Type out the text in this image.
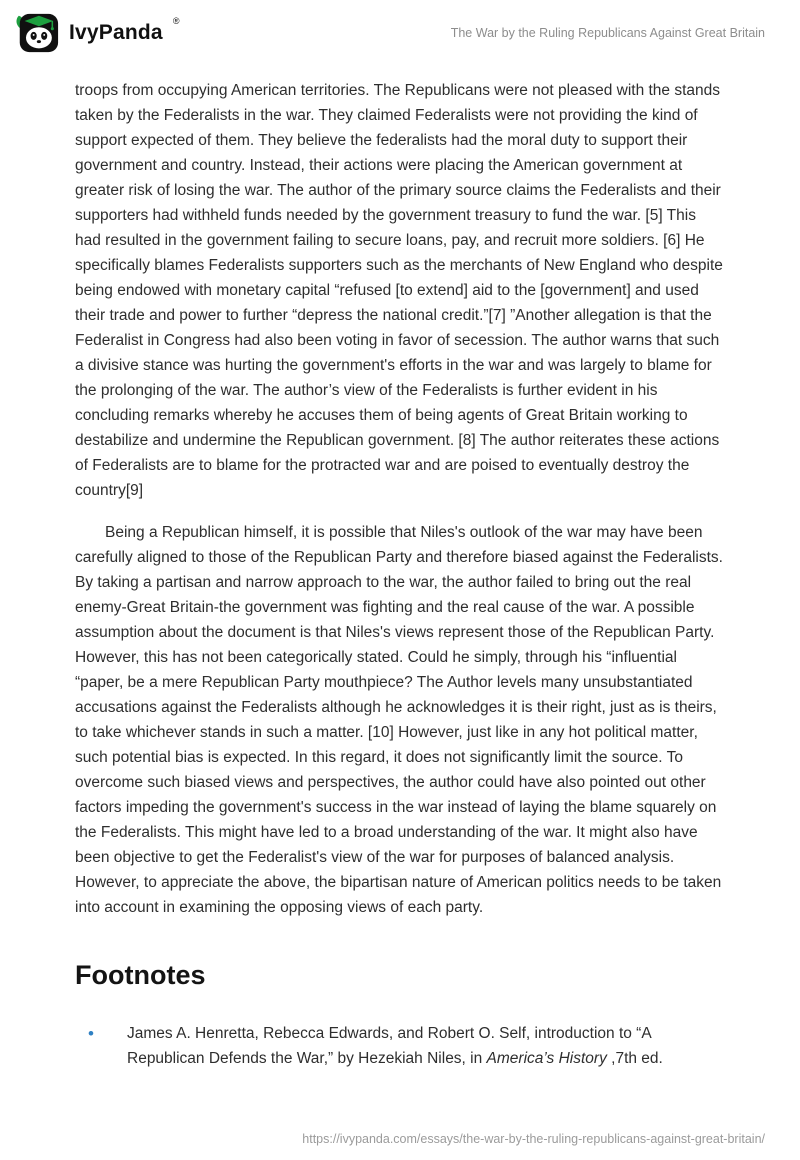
IvyPanda ®
The War by the Ruling Republicans Against Great Britain

troops from occupying American territories. The Republicans were not pleased with the stands taken by the Federalists in the war. They claimed Federalists were not providing the kind of support expected of them. They believe the federalists had the moral duty to support their government and country. Instead, their actions were placing the American government at greater risk of losing the war. The author of the primary source claims the Federalists and their supporters had withheld funds needed by the government treasury to fund the war. [5] This had resulted in the government failing to secure loans, pay, and recruit more soldiers. [6] He specifically blames Federalists supporters such as the merchants of New England who despite being endowed with monetary capital “refused [to extend] aid to the [government] and used their trade and power to further “depress the national credit.”[7] ”Another allegation is that the Federalist in Congress had also been voting in favor of secession. The author warns that such a divisive stance was hurting the government's efforts in the war and was largely to blame for the prolonging of the war. The author’s view of the Federalists is further evident in his concluding remarks whereby he accuses them of being agents of Great Britain working to destabilize and undermine the Republican government. [8] The author reiterates these actions of Federalists are to blame for the protracted war and are poised to eventually destroy the country[9]

Being a Republican himself, it is possible that Niles's outlook of the war may have been carefully aligned to those of the Republican Party and therefore biased against the Federalists. By taking a partisan and narrow approach to the war, the author failed to bring out the real enemy-Great Britain-the government was fighting and the real cause of the war. A possible assumption about the document is that Niles's views represent those of the Republican Party. However, this has not been categorically stated. Could he simply, through his “influential “paper, be a mere Republican Party mouthpiece? The Author levels many unsubstantiated accusations against the Federalists although he acknowledges it is their right, just as is theirs, to take whichever stands in such a matter. [10] However, just like in any hot political matter, such potential bias is expected. In this regard, it does not significantly limit the source. To overcome such biased views and perspectives, the author could have also pointed out other factors impeding the government's success in the war instead of laying the blame squarely on the Federalists. This might have led to a broad understanding of the war. It might also have been objective to get the Federalist's view of the war for purposes of balanced analysis. However, to appreciate the above, the bipartisan nature of American politics needs to be taken into account in examining the opposing views of each party.

Footnotes
• James A. Henretta, Rebecca Edwards, and Robert O. Self, introduction to “A Republican Defends the War,” by Hezekiah Niles, in America’s History ,7th ed.
https://ivypanda.com/essays/the-war-by-the-ruling-republicans-against-great-britain/
